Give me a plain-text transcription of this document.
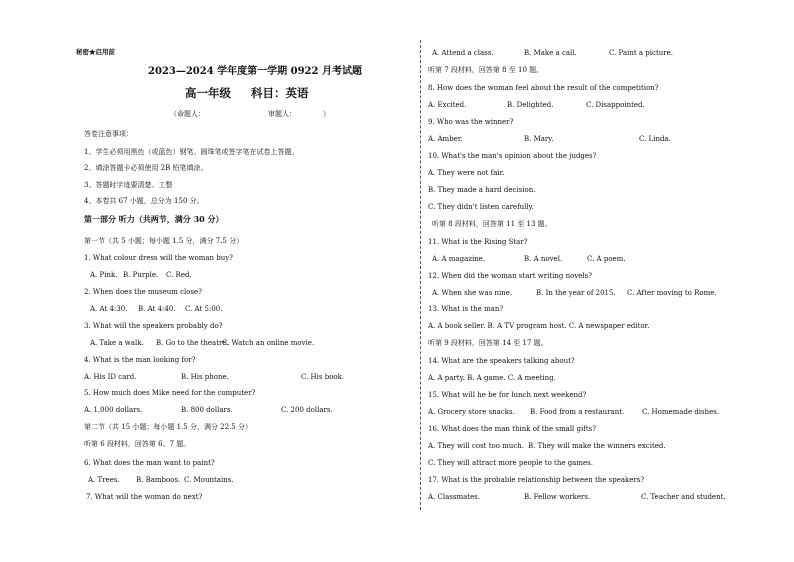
秘密★启用前
2023—2024 学年度第一学期 0922 月考试题
高一年级 科目：英语
（命题人：	审题人：	）
答卷注意事项：
1、学生必须用黑色（或蓝色）钢笔、圆珠笔或签字笔在试卷上答题。
2、填涂答题卡必须使用 2B 铅笔填涂。
3、答题时字迹要清楚、工整
4、本卷共 67 小题，总分为 150 分。
第一部分 听力（共两节，满分 30 分）
第一节（共 5 小题；每小题 1.5 分，满分 7.5 分）
1. What colour dress will the woman buy?
A. Pink. B. Purple. C. Red.
2. When does the museum close?
A. At 4:30. B. At 4:40. C. At 5:00.
3. What will the speakers probably do?
A. Take a walk. B. Go to the theatre.
C. Watch an online movie.
4. What is the man looking for?
A. His ID card.	B. His phone.	C. His book.
5. How much does Mike need for the computer?
A. 1,000 dollars.	B. 800 dollars.	C. 200 dollars.
第二节（共 15 小题；每小题 1.5 分，满分 22.5 分）
听第 6 段材料，回答第 6、7 题。
6. What does the man want to paint?
A. Trees. B. Bamboos. C. Mountains.
7. What will the woman do next?
A. Attend a class.	B. Make a call.	C. Paint a picture.
听第 7 段材料，回答第 8 至 10 题。
8. How does the woman feel about the result of the competition?
A. Excited.	B. Delighted.	C. Disappointed.
9. Who was the winner?
A. Amber.	B. Mary.	C. Linda.
10. What's the man's opinion about the judges?
A. They were not fair.
B. They made a hard decision.
C. They didn't listen carefully.
听第 8 段材料，回答第 11 至 13 题。
11. What is the Rising Star?
A. A magazine.	B. A novel.	C. A poem.
12. When did the woman start writing novels?
A. When she was nine.	B. In the year of 2015. C. After moving to Rome.
13. What is the man?
A. A book seller. B. A TV program host. C. A newspaper editor.
听第 9 段材料，回答第 14 至 17 题。
14. What are the speakers talking about?
A. A party. B. A game. C. A meeting.
15. What will he be for lunch next weekend?
A. Grocery store snacks. B. Food from a restaurant.	C. Homemade dishes.
16. What does the man think of the small gifts?
A. They will cost too much. B. They will make the winners excited.
C. They will attract more people to the games.
17. What is the probable relationship between the speakers?
A. Classmates.	B. Fellow workers.	C. Teacher and student.
